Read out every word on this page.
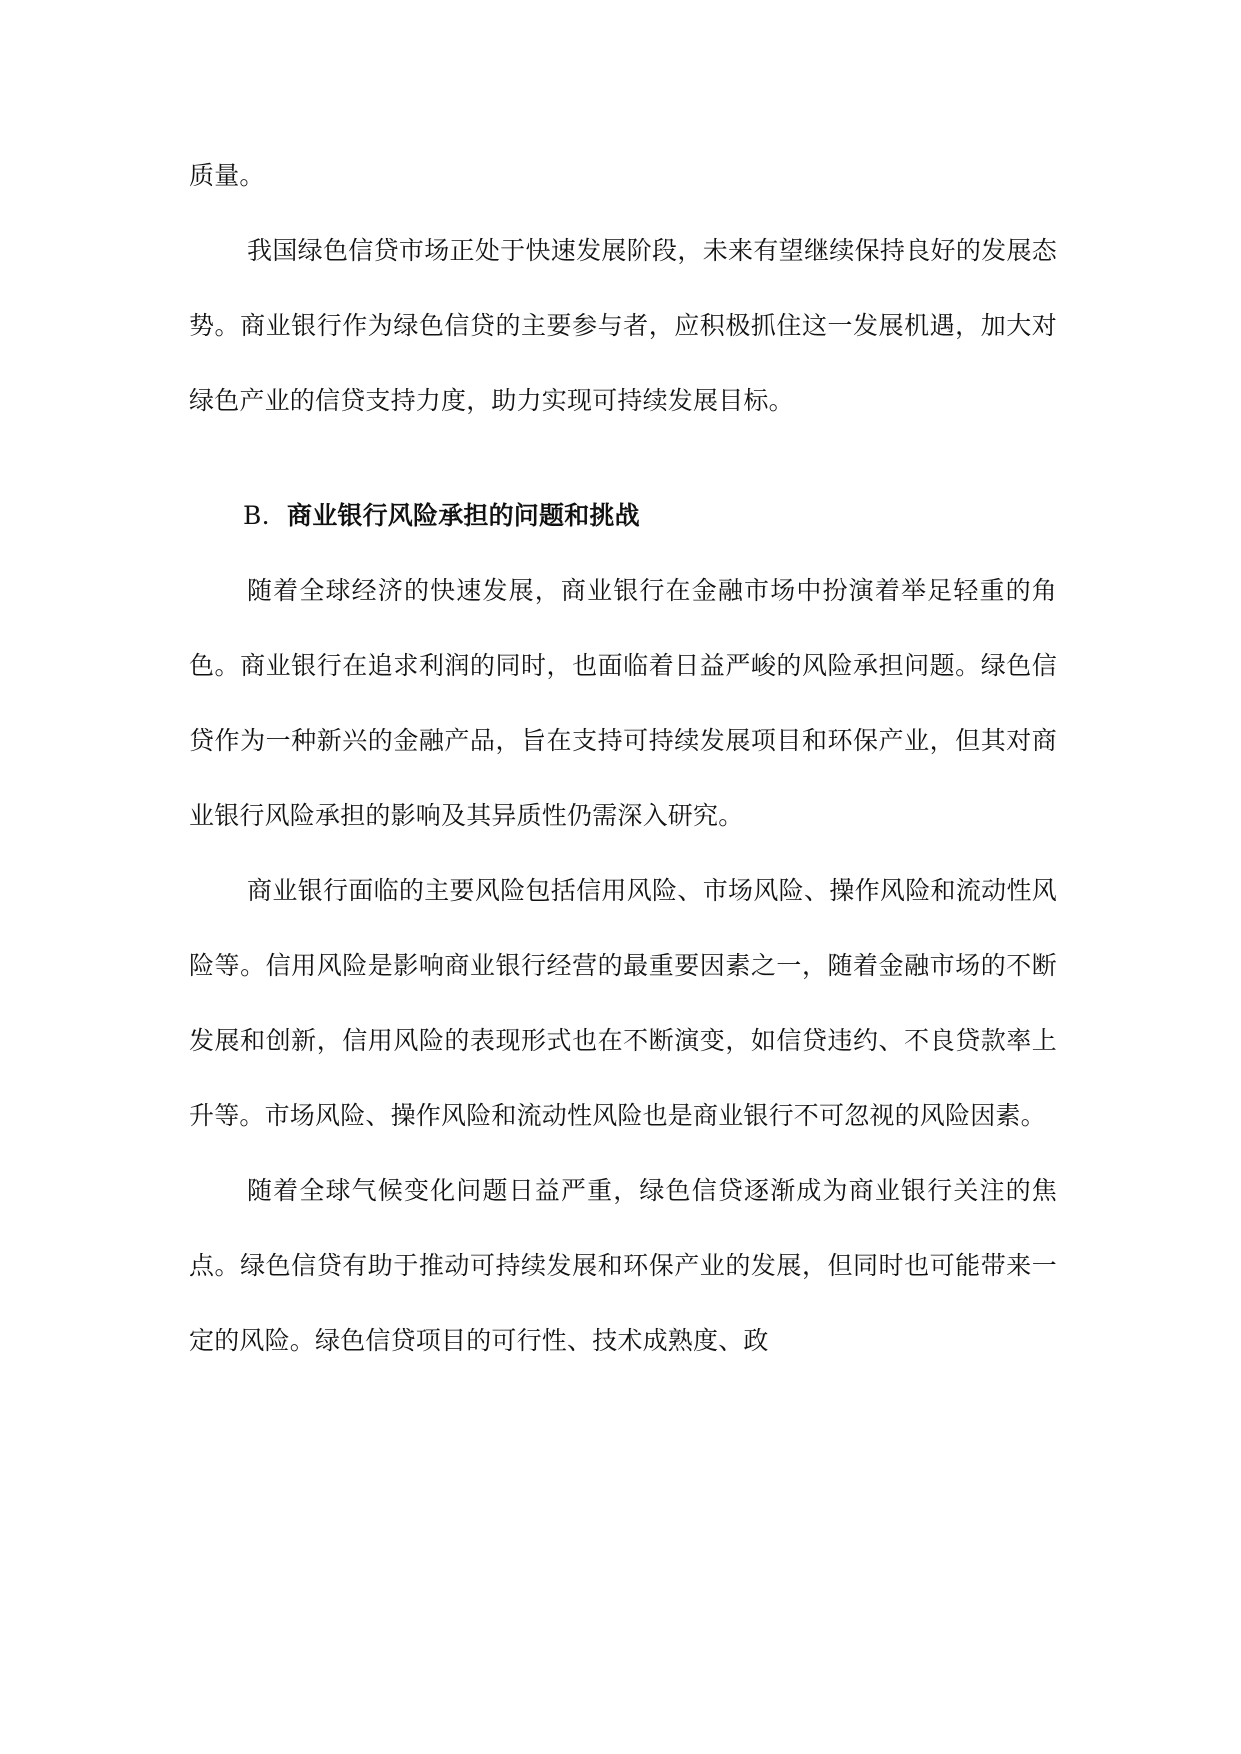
质量。

我国绿色信贷市场正处于快速发展阶段，未来有望继续保持良好的发展态势。商业银行作为绿色信贷的主要参与者，应积极抓住这一发展机遇，加大对绿色产业的信贷支持力度，助力实现可持续发展目标。

B. 商业银行风险承担的问题和挑战

随着全球经济的快速发展，商业银行在金融市场中扮演着举足轻重的角色。商业银行在追求利润的同时，也面临着日益严峻的风险承担问题。绿色信贷作为一种新兴的金融产品，旨在支持可持续发展项目和环保产业，但其对商业银行风险承担的影响及其异质性仍需深入研究。

商业银行面临的主要风险包括信用风险、市场风险、操作风险和流动性风险等。信用风险是影响商业银行经营的最重要因素之一，随着金融市场的不断发展和创新，信用风险的表现形式也在不断演变，如信贷违约、不良贷款率上升等。市场风险、操作风险和流动性风险也是商业银行不可忽视的风险因素。

随着全球气候变化问题日益严重，绿色信贷逐渐成为商业银行关注的焦点。绿色信贷有助于推动可持续发展和环保产业的发展，但同时也可能带来一定的风险。绿色信贷项目的可行性、技术成熟度、政
